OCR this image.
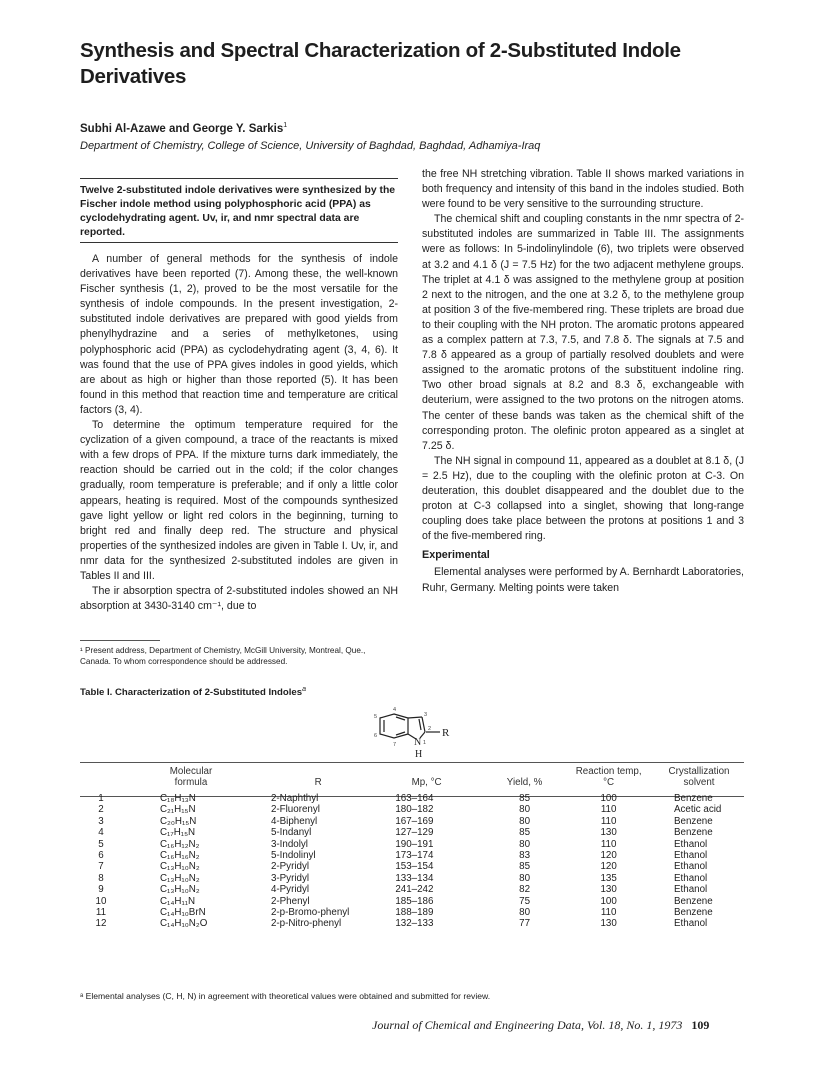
Synthesis and Spectral Characterization of 2-Substituted Indole Derivatives
Subhi Al-Azawe and George Y. Sarkis$^1$
Department of Chemistry, College of Science, University of Baghdad, Baghdad, Adhamiya-Iraq
Twelve 2-substituted indole derivatives were synthesized by the Fischer indole method using polyphosphoric acid (PPA) as cyclodehydrating agent. Uv, ir, and nmr spectral data are reported.

A number of general methods for the synthesis of indole derivatives have been reported (7). Among these, the well-known Fischer synthesis (1, 2), proved to be the most versatile for the synthesis of indole compounds. In the present investigation, 2-substituted indole derivatives are prepared with good yields from phenylhydrazine and a series of methylketones, using polyphosphoric acid (PPA) as cyclodehydrating agent (3, 4, 6). It was found that the use of PPA gives indoles in good yields, which are about as high or higher than those reported (5). It has been found in this method that reaction time and temperature are critical factors (3, 4).

To determine the optimum temperature required for the cyclization of a given compound, a trace of the reactants is mixed with a few drops of PPA. If the mixture turns dark immediately, the reaction should be carried out in the cold; if the color changes gradually, room temperature is preferable; and if only a little color appears, heating is required. Most of the compounds synthesized gave light yellow or light red colors in the beginning, turning to bright red and finally deep red. The structure and physical properties of the synthesized indoles are given in Table I. Uv, ir, and nmr data for the synthesized 2-substituted indoles are given in Tables II and III.

The ir absorption spectra of 2-substituted indoles showed an NH absorption at 3430-3140 cm⁻¹, due to

¹ Present address, Department of Chemistry, McGill University, Montreal, Que., Canada. To whom correspondence should be addressed.

the free NH stretching vibration. Table II shows marked variations in both frequency and intensity of this band in the indoles studied. Both were found to be very sensitive to the surrounding structure.

The chemical shift and coupling constants in the nmr spectra of 2-substituted indoles are summarized in Table III. The assignments were as follows: In 5-indolinylindole (6), two triplets were observed at 3.2 and 4.1 δ (J = 7.5 Hz) for the two adjacent methylene groups. The triplet at 4.1 δ was assigned to the methylene group at position 2 next to the nitrogen, and the one at 3.2 δ, to the methylene group at position 3 of the five-membered ring. These triplets are broad due to their coupling with the NH proton. The aromatic protons appeared as a complex pattern at 7.3, 7.5, and 7.8 δ. The signals at 7.5 and 7.8 δ appeared as a group of partially resolved doublets and were assigned to the aromatic protons of the substituent indoline ring. Two other broad signals at 8.2 and 8.3 δ, exchangeable with deuterium, were assigned to the two protons on the nitrogen atoms. The center of these bands was taken as the chemical shift of the corresponding proton. The olefinic proton appeared as a singlet at 7.25 δ.

The NH signal in compound 11, appeared as a doublet at 8.1 δ, (J = 2.5 Hz), due to the coupling with the olefinic proton at C-3. On deuteration, this doublet disappeared and the doublet due to the proton at C-3 collapsed into a singlet, showing that long-range coupling does take place between the protons at positions 1 and 3 of the five-membered ring.

Experimental

Elemental analyses were performed by A. Bernhardt Laboratories, Ruhr, Germany. Melting points were taken

Table I. Characterization of 2-Substituted Indoles$^a$
R
N
H
1
2
3
4
5
6
7
	Molecular formula	R	Mp, °C	Yield, %	Reaction temp, °C	Crystallization solvent
1	C₁₈H₁₃N	2-Naphthyl	163–164	85	100	Benzene
2	C₂₁H₁₅N	2-Fluorenyl	180–182	80	110	Acetic acid
3	C₂₀H₁₅N	4-Biphenyl	167–169	80	110	Benzene
4	C₁₇H₁₅N	5-Indanyl	127–129	85	130	Benzene
5	C₁₆H₁₂N₂	3-Indolyl	190–191	80	110	Ethanol
6	C₁₆H₁₆N₂	5-Indolinyl	173–174	83	120	Ethanol
7	C₁₃H₁₀N₂	2-Pyridyl	153–154	85	120	Ethanol
8	C₁₃H₁₀N₂	3-Pyridyl	133–134	80	135	Ethanol
9	C₁₃H₁₀N₂	4-Pyridyl	241–242	82	130	Ethanol
10	C₁₄H₁₁N	2-Phenyl	185–186	75	100	Benzene
11	C₁₄H₁₀BrN	2-p-Bromo-phenyl	188–189	80	110	Benzene
12	C₁₄H₁₀N₂O	2-p-Nitro-phenyl	132–133	77	130	Ethanol
ᵃ Elemental analyses (C, H, N) in agreement with theoretical values were obtained and submitted for review.
Journal of Chemical and Engineering Data, Vol. 18, No. 1, 1973 109
